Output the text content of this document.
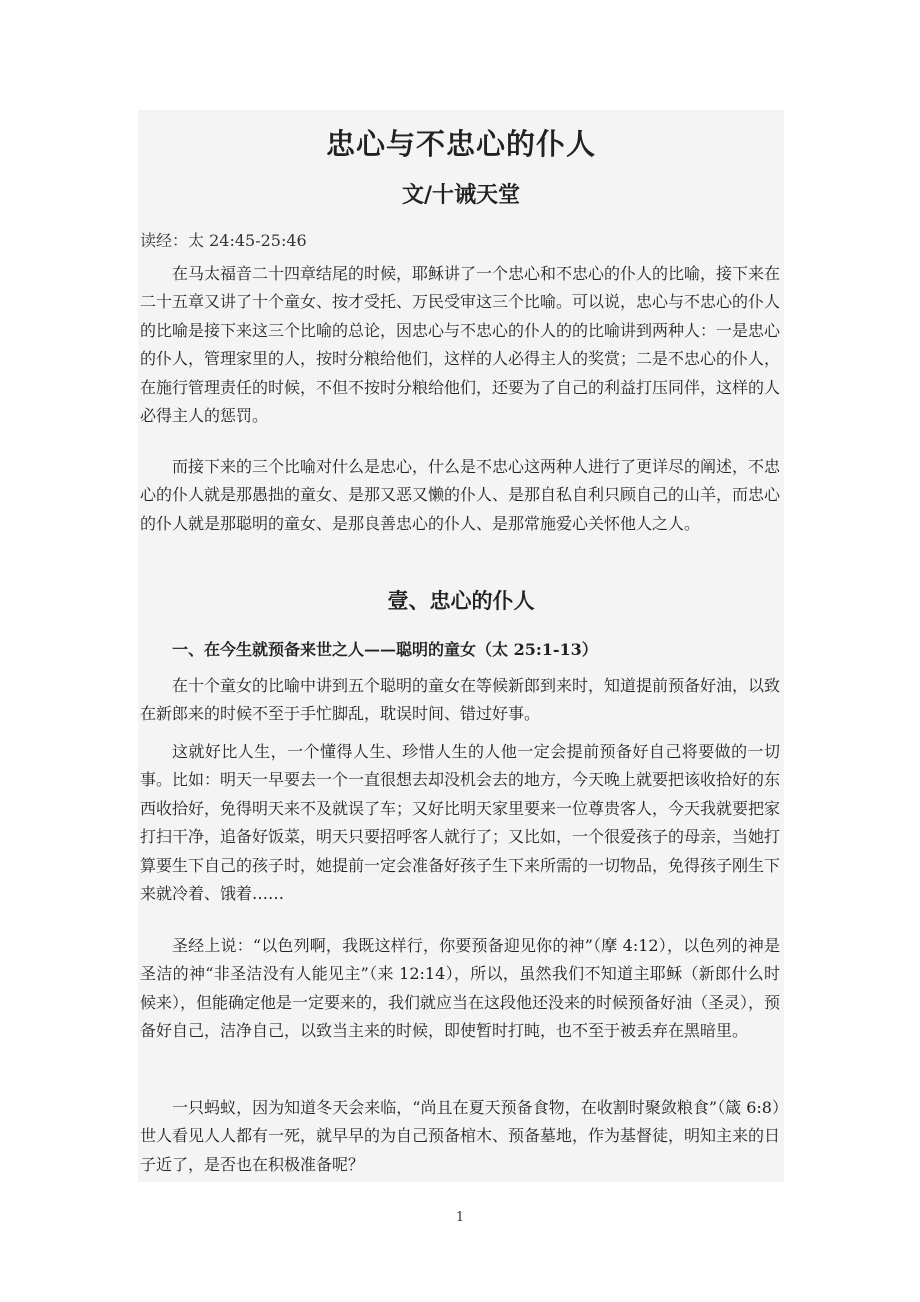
忠心与不忠心的仆人
文/十诫天堂
读经：太 24:45-25:46

在马太福音二十四章结尾的时候，耶稣讲了一个忠心和不忠心的仆人的比喻，接下来在二十五章又讲了十个童女、按才受托、万民受审这三个比喻。可以说，忠心与不忠心的仆人的比喻是接下来这三个比喻的总论，因忠心与不忠心的仆人的的比喻讲到两种人：一是忠心的仆人，管理家里的人，按时分粮给他们，这样的人必得主人的奖赏；二是不忠心的仆人，在施行管理责任的时候，不但不按时分粮给他们，还要为了自己的利益打压同伴，这样的人必得主人的惩罚。

而接下来的三个比喻对什么是忠心，什么是不忠心这两种人进行了更详尽的阐述，不忠心的仆人就是那愚拙的童女、是那又恶又懒的仆人、是那自私自利只顾自己的山羊，而忠心的仆人就是那聪明的童女、是那良善忠心的仆人、是那常施爱心关怀他人之人。

壹、忠心的仆人
一、在今生就预备来世之人——聪明的童女（太 25:1-13）

在十个童女的比喻中讲到五个聪明的童女在等候新郎到来时，知道提前预备好油，以致在新郎来的时候不至于手忙脚乱，耽误时间、错过好事。

这就好比人生，一个懂得人生、珍惜人生的人他一定会提前预备好自己将要做的一切事。比如：明天一早要去一个一直很想去却没机会去的地方，今天晚上就要把该收拾好的东西收拾好，免得明天来不及就误了车；又好比明天家里要来一位尊贵客人，今天我就要把家打扫干净，追备好饭菜，明天只要招呼客人就行了；又比如，一个很爱孩子的母亲，当她打算要生下自己的孩子时，她提前一定会准备好孩子生下来所需的一切物品，免得孩子刚生下来就冷着、饿着……

圣经上说：“以色列啊，我既这样行，你要预备迎见你的神”（摩 4:12），以色列的神是圣洁的神“非圣洁没有人能见主”（来 12:14），所以，虽然我们不知道主耶稣（新郎什么时候来），但能确定他是一定要来的，我们就应当在这段他还没来的时候预备好油（圣灵），预备好自己，洁净自己，以致当主来的时候，即使暂时打盹，也不至于被丢弃在黑暗里。

一只蚂蚁，因为知道冬天会来临，“尚且在夏天预备食物，在收割时聚敛粮食”（箴 6:8）世人看见人人都有一死，就早早的为自己预备棺木、预备墓地，作为基督徒，明知主来的日子近了，是否也在积极准备呢？

1
